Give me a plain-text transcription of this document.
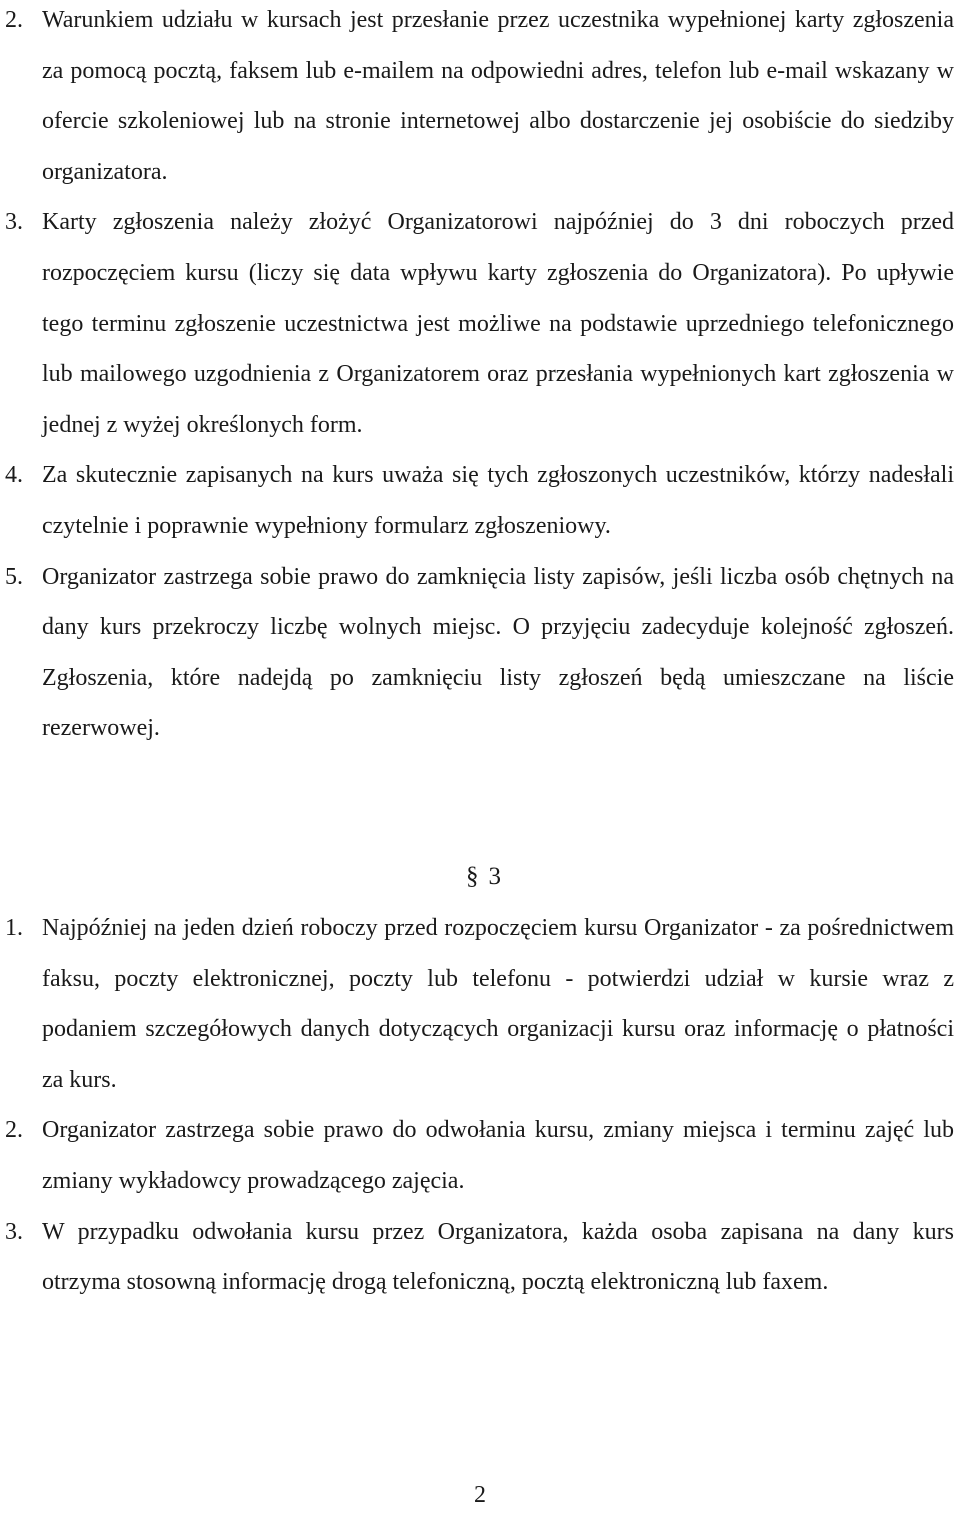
2. Warunkiem udziału w kursach jest przesłanie przez uczestnika wypełnionej karty zgłoszenia za pomocą pocztą, faksem lub e-mailem na odpowiedni adres, telefon lub e-mail wskazany w ofercie szkoleniowej lub na stronie internetowej albo dostarczenie jej osobiście do siedziby organizatora.
3. Karty zgłoszenia należy złożyć Organizatorowi najpóźniej do 3 dni roboczych przed rozpoczęciem kursu (liczy się data wpływu karty zgłoszenia do Organizatora). Po upływie tego terminu zgłoszenie uczestnictwa jest możliwe na podstawie uprzedniego telefonicznego lub mailowego uzgodnienia z Organizatorem oraz przesłania wypełnionych kart zgłoszenia w jednej z wyżej określonych form.
4. Za skutecznie zapisanych na kurs uważa się tych zgłoszonych uczestników, którzy nadesłali czytelnie i poprawnie wypełniony formularz zgłoszeniowy.
5. Organizator zastrzega sobie prawo do zamknięcia listy zapisów, jeśli liczba osób chętnych na dany kurs przekroczy liczbę wolnych miejsc. O przyjęciu zadecyduje kolejność zgłoszeń. Zgłoszenia, które nadejdą po zamknięciu listy zgłoszeń będą umieszczane na liście rezerwowej.
§ 3
1. Najpóźniej na jeden dzień roboczy przed rozpoczęciem kursu Organizator - za pośrednictwem faksu, poczty elektronicznej, poczty lub telefonu - potwierdzi udział w kursie wraz z podaniem szczegółowych danych dotyczących organizacji kursu oraz informację o płatności za kurs.
2. Organizator zastrzega sobie prawo do odwołania kursu, zmiany miejsca i terminu zajęć lub zmiany wykładowcy prowadzącego zajęcia.
3. W przypadku odwołania kursu przez Organizatora, każda osoba zapisana na dany kurs otrzyma stosowną informację drogą telefoniczną, pocztą elektroniczną lub faxem.
2
